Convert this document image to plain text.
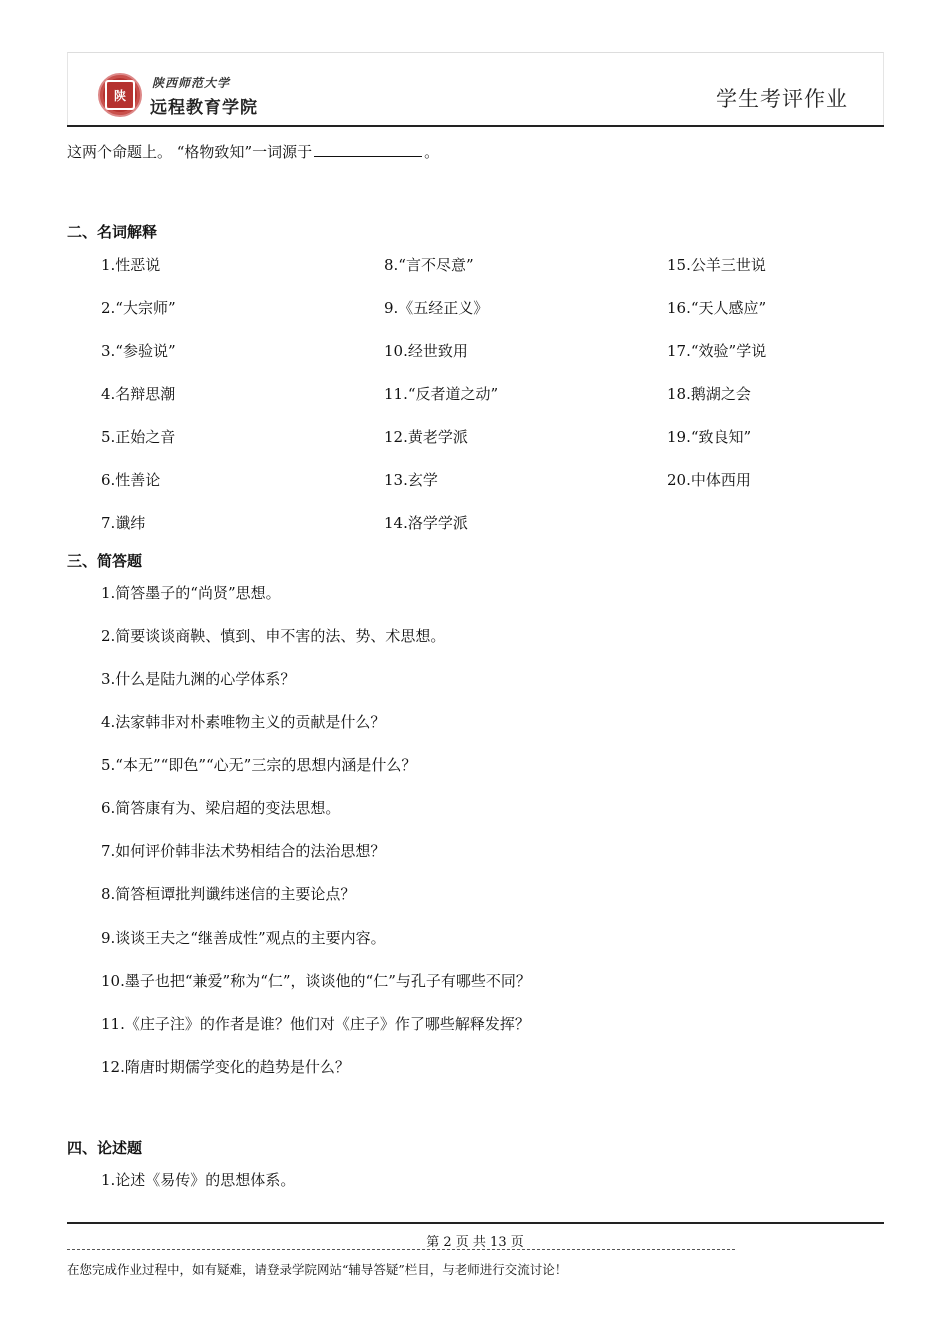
陕
陕西师范大学
远程教育学院	学生考评作业
这两个命题上。 “格物致知”一词源于	。
二、名词解释
1.性恶说
2.“大宗师”
3.“参验说”
4.名辩思潮
5.正始之音
6.性善论
7.谶纬
8.“言不尽意”
9.《五经正义》
10.经世致用
11.“反者道之动”
12.黄老学派
13.玄学
14.洛学学派
15.公羊三世说
16.“天人感应”
17.“效验”学说
18.鹅湖之会
19.“致良知”
20.中体西用
三、简答题
1.简答墨子的“尚贤”思想。
2.简要谈谈商鞅、慎到、申不害的法、势、术思想。
3.什么是陆九渊的心学体系？
4.法家韩非对朴素唯物主义的贡献是什么？
5.“本无”“即色”“心无”三宗的思想内涵是什么？
6.简答康有为、梁启超的变法思想。
7.如何评价韩非法术势相结合的法治思想？
8.简答桓谭批判谶纬迷信的主要论点？
9.谈谈王夫之“继善成性”观点的主要内容。
10.墨子也把“兼爱”称为“仁”，谈谈他的“仁”与孔子有哪些不同？
11.《庄子注》的作者是谁？他们对《庄子》作了哪些解释发挥？
12.隋唐时期儒学变化的趋势是什么？
四、论述题
1.论述《易传》的思想体系。
第 2 页 共 13 页
在您完成作业过程中，如有疑难，请登录学院网站“辅导答疑”栏目，与老师进行交流讨论！
